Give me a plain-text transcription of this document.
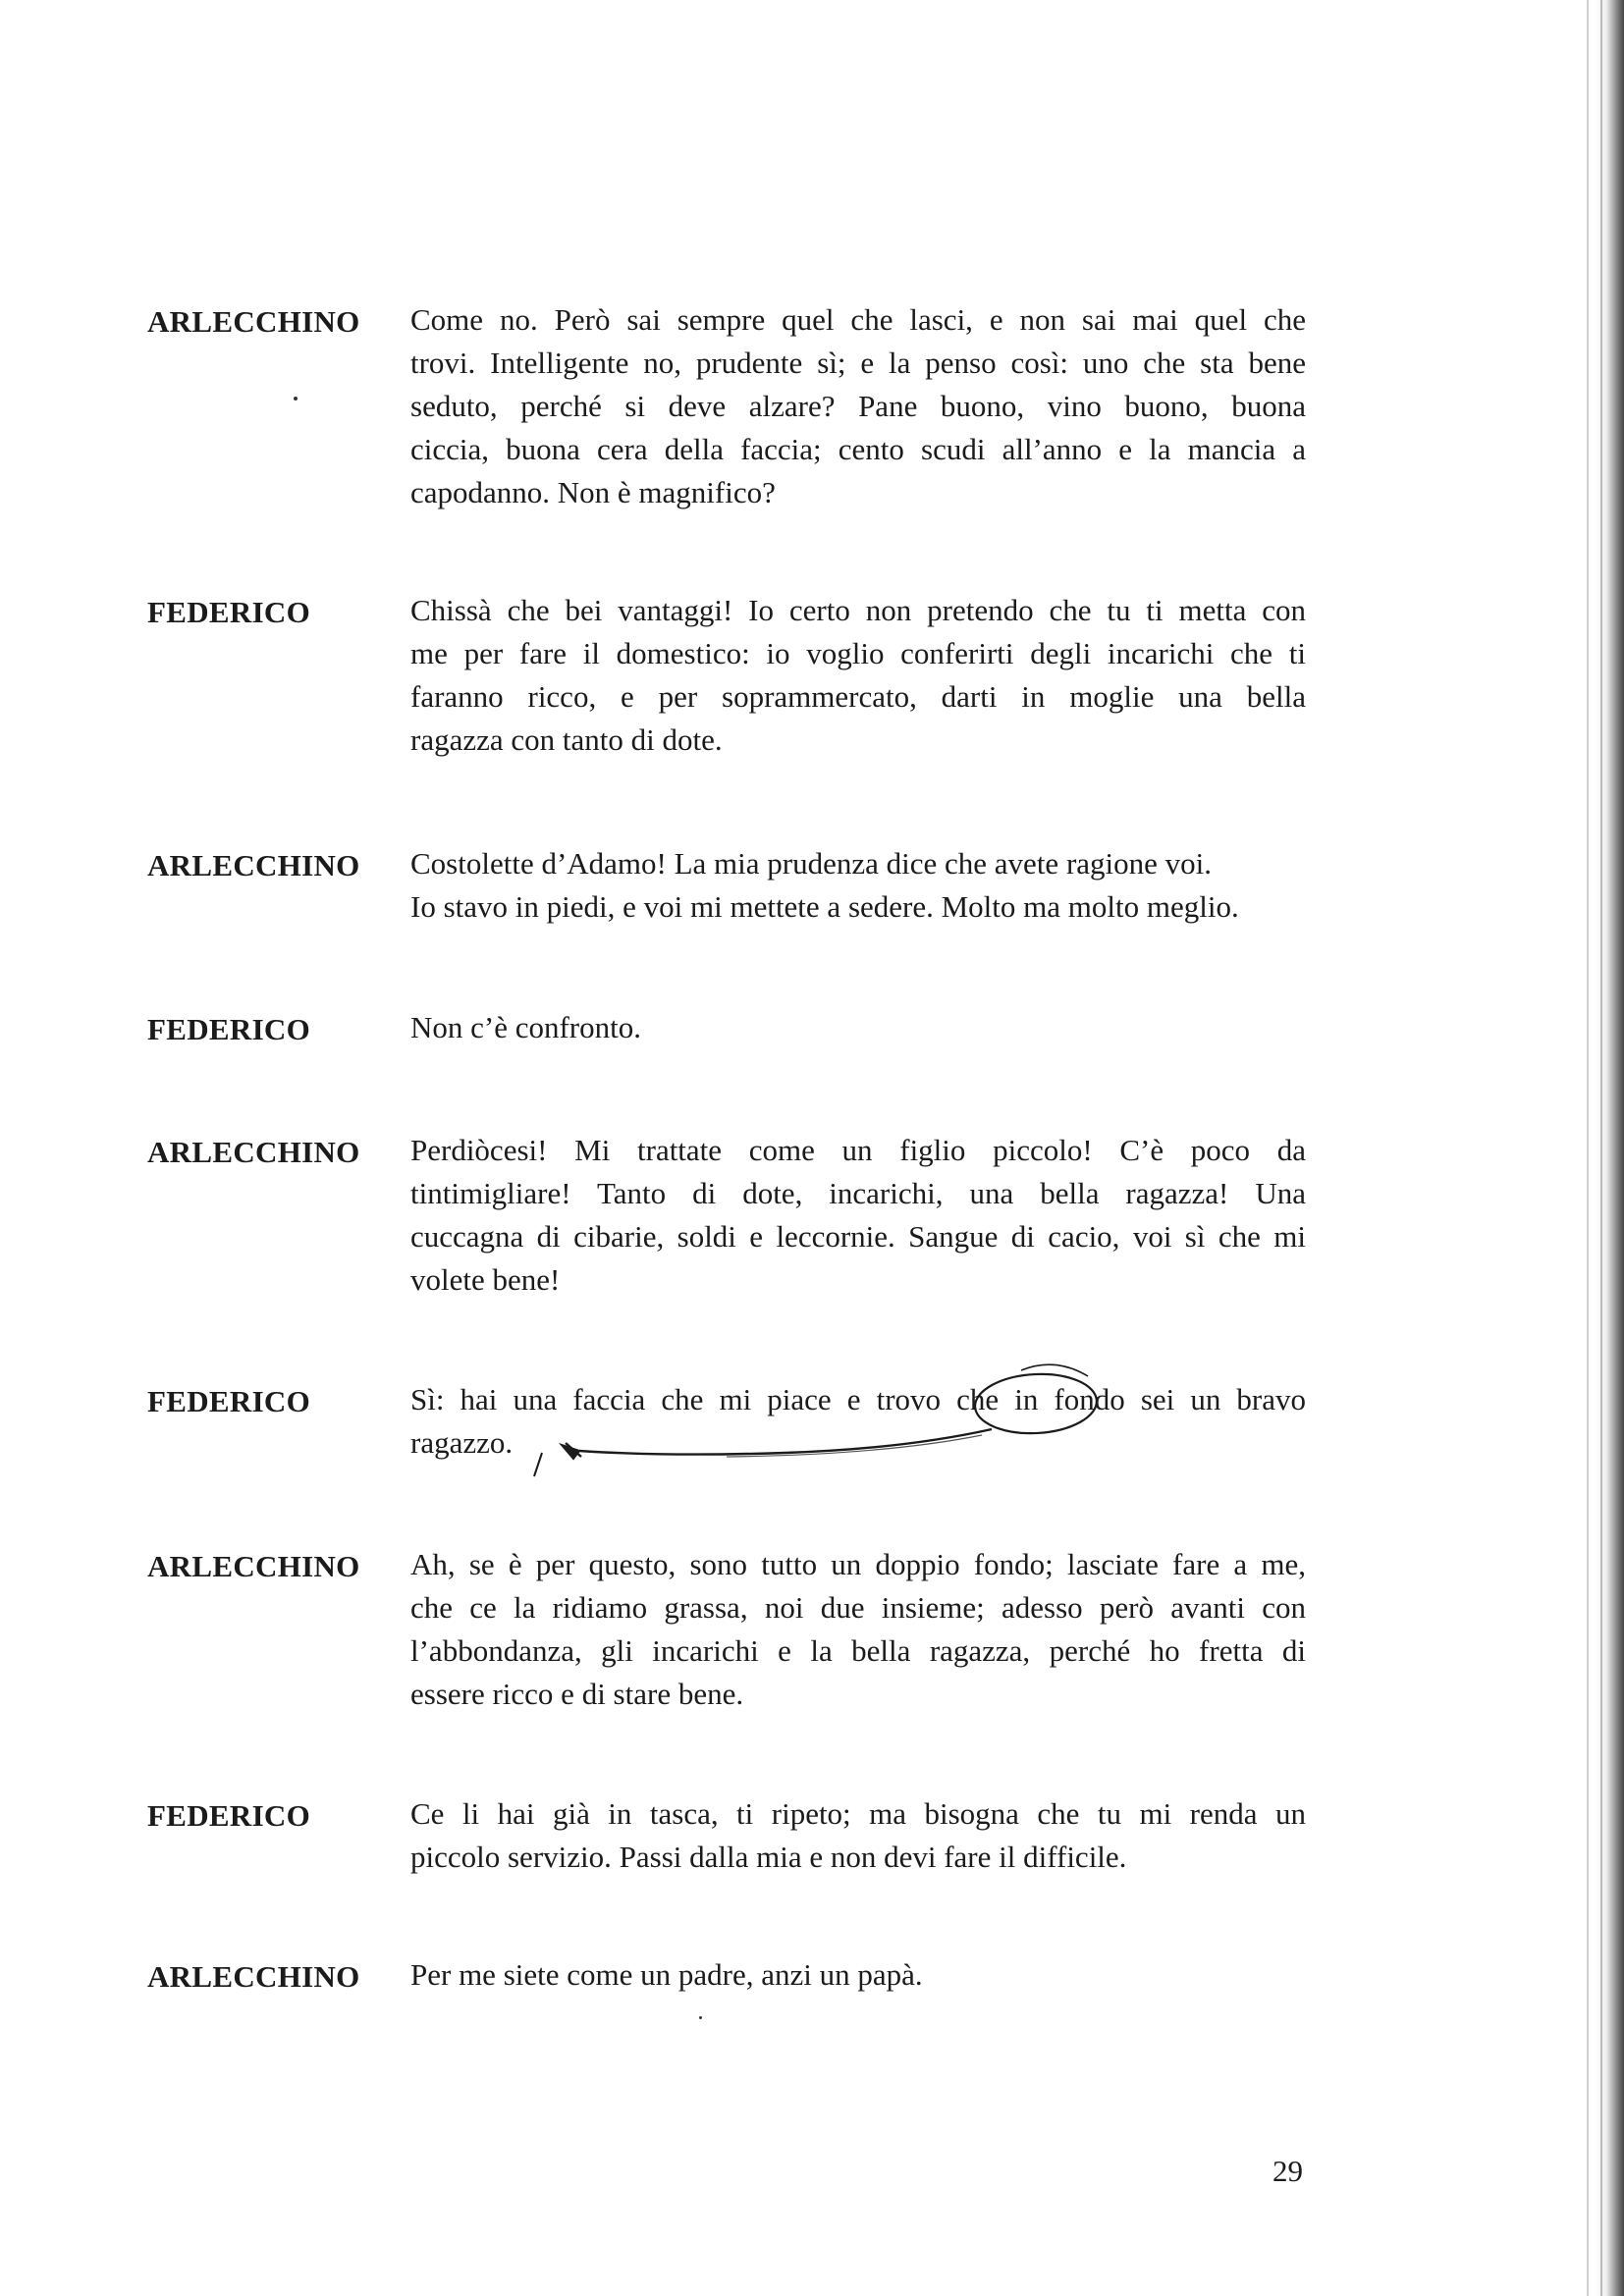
ARLECCHINO	Come no. Però sai sempre quel che lasci, e non sai mai quel che
trovi. Intelligente no, prudente sì; e la penso così: uno che sta bene
seduto, perché si deve alzare? Pane buono, vino buono, buona
ciccia, buona cera della faccia; cento scudi all’anno e la mancia a
capodanno. Non è magnifico?
FEDERICO	Chissà che bei vantaggi! Io certo non pretendo che tu ti metta con
me per fare il domestico: io voglio conferirti degli incarichi che ti
faranno ricco, e per soprammercato, darti in moglie una bella
ragazza con tanto di dote.
ARLECCHINO	Costolette d’Adamo! La mia prudenza dice che avete ragione voi.
Io stavo in piedi, e voi mi mettete a sedere. Molto ma molto meglio.
FEDERICO	Non c’è confronto.
ARLECCHINO	Perdiòcesi! Mi trattate come un figlio piccolo! C’è poco da
tintimigliare! Tanto di dote, incarichi, una bella ragazza! Una
cuccagna di cibarie, soldi e leccornie. Sangue di cacio, voi sì che mi
volete bene!
FEDERICO	Sì: hai una faccia che mi piace e trovo che in fondo sei un bravo
ragazzo.
ARLECCHINO	Ah, se è per questo, sono tutto un doppio fondo; lasciate fare a me,
che ce la ridiamo grassa, noi due insieme; adesso però avanti con
l’abbondanza, gli incarichi e la bella ragazza, perché ho fretta di
essere ricco e di stare bene.
FEDERICO	Ce li hai già in tasca, ti ripeto; ma bisogna che tu mi renda un
piccolo servizio. Passi dalla mia e non devi fare il difficile.
ARLECCHINO	Per me siete come un padre, anzi un papà.
29
